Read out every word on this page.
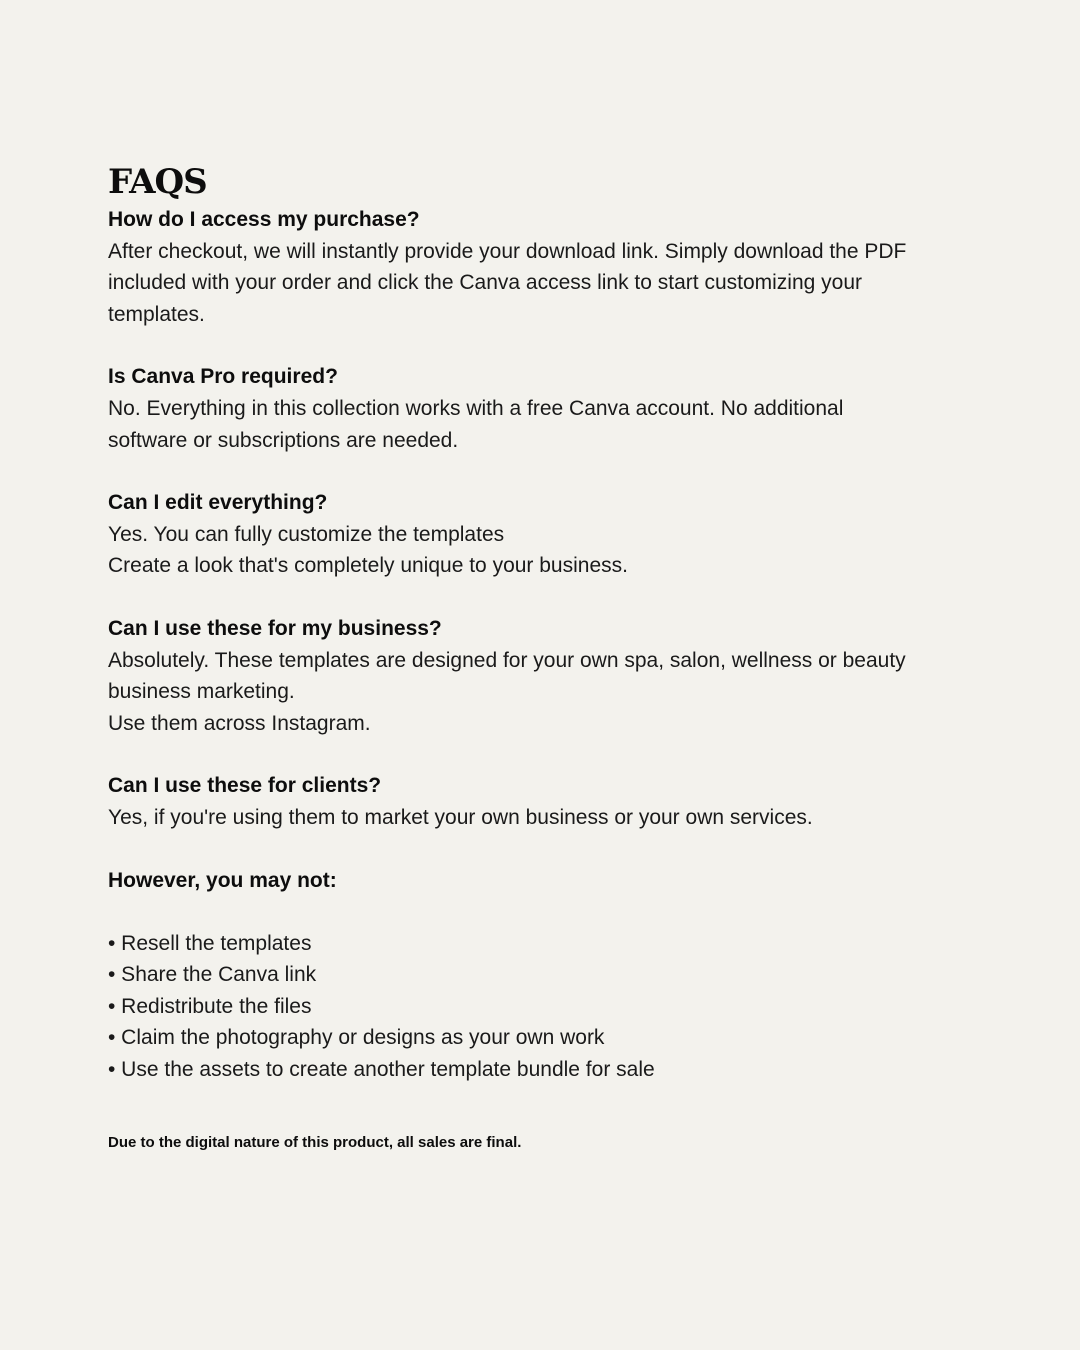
FAQS

How do I access my purchase?

After checkout, we will instantly provide your download link. Simply download the PDF included with your order and click the Canva access link to start customizing your templates.

Is Canva Pro required?

No. Everything in this collection works with a free Canva account. No additional software or subscriptions are needed.

Can I edit everything?

Yes. You can fully customize the templates

Create a look that's completely unique to your business.

Can I use these for my business?

Absolutely. These templates are designed for your own spa, salon, wellness or beauty business marketing.

Use them across Instagram.

Can I use these for clients?

Yes, if you're using them to market your own business or your own services.

However, you may not:

• Resell the templates

• Share the Canva link

• Redistribute the files

• Claim the photography or designs as your own work

• Use the assets to create another template bundle for sale

Due to the digital nature of this product, all sales are final.
